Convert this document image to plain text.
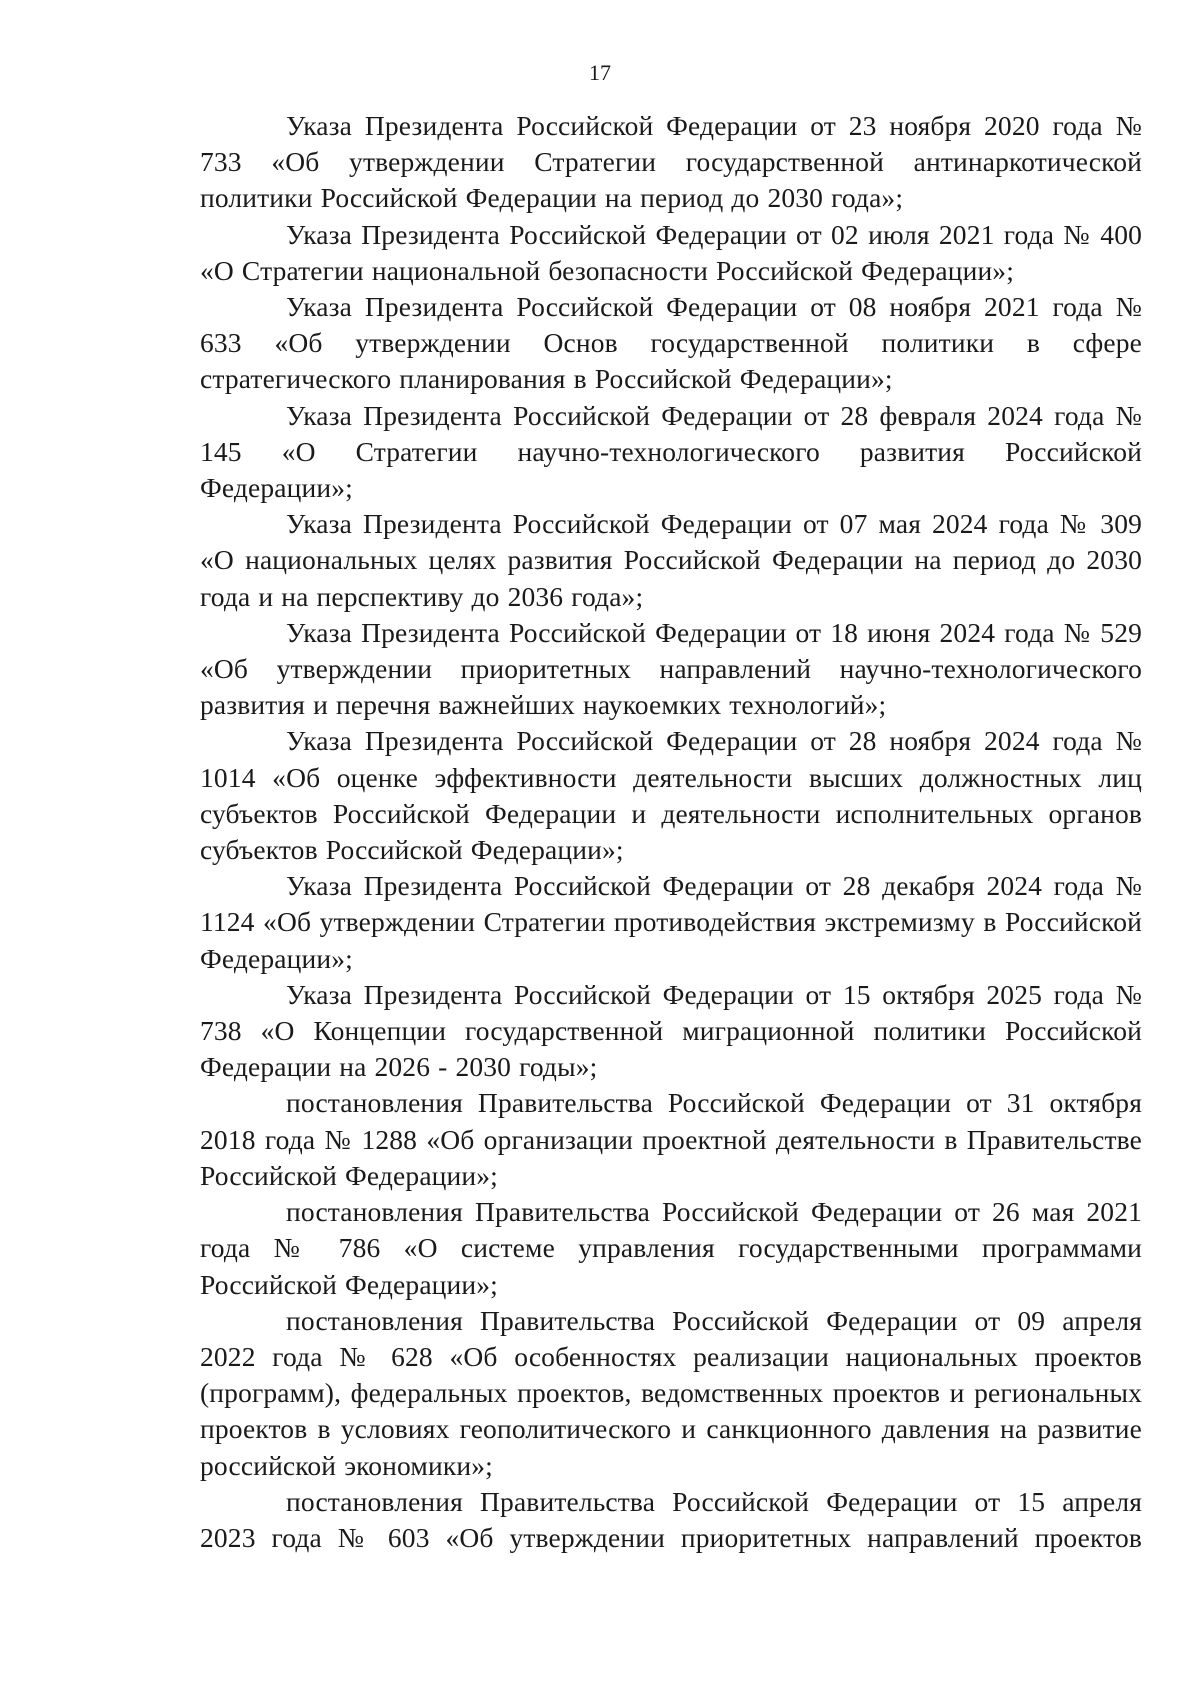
17

Указа Президента Российской Федерации от 23 ноября 2020 года № 733 «Об утверждении Стратегии государственной антинаркотической политики Российской Федерации на период до 2030 года»;

Указа Президента Российской Федерации от 02 июля 2021 года № 400 «О Стратегии национальной безопасности Российской Федерации»;

Указа Президента Российской Федерации от 08 ноября 2021 года № 633 «Об утверждении Основ государственной политики в сфере стратегического планирования в Российской Федерации»;

Указа Президента Российской Федерации от 28 февраля 2024 года № 145 «О Стратегии научно-технологического развития Российской Федерации»;

Указа Президента Российской Федерации от 07 мая 2024 года № 309 «О национальных целях развития Российской Федерации на период до 2030 года и на перспективу до 2036 года»;

Указа Президента Российской Федерации от 18 июня 2024 года № 529 «Об утверждении приоритетных направлений научно-технологического развития и перечня важнейших наукоемких технологий»;

Указа Президента Российской Федерации от 28 ноября 2024 года № 1014 «Об оценке эффективности деятельности высших должностных лиц субъектов Российской Федерации и деятельности исполнительных органов субъектов Российской Федерации»;

Указа Президента Российской Федерации от 28 декабря 2024 года № 1124 «Об утверждении Стратегии противодействия экстремизму в Российской Федерации»;

Указа Президента Российской Федерации от 15 октября 2025 года № 738 «О Концепции государственной миграционной политики Российской Федерации на 2026 - 2030 годы»;

постановления Правительства Российской Федерации от 31 октября 2018 года № 1288 «Об организации проектной деятельности в Правительстве Российской Федерации»;

постановления Правительства Российской Федерации от 26 мая 2021 года № 786 «О системе управления государственными программами Российской Федерации»;

постановления Правительства Российской Федерации от 09 апреля 2022 года № 628 «Об особенностях реализации национальных проектов (программ), федеральных проектов, ведомственных проектов и региональных проектов в условиях геополитического и санкционного давления на развитие российской экономики»;

постановления Правительства Российской Федерации от 15 апреля 2023 года № 603 «Об утверждении приоритетных направлений проектов
